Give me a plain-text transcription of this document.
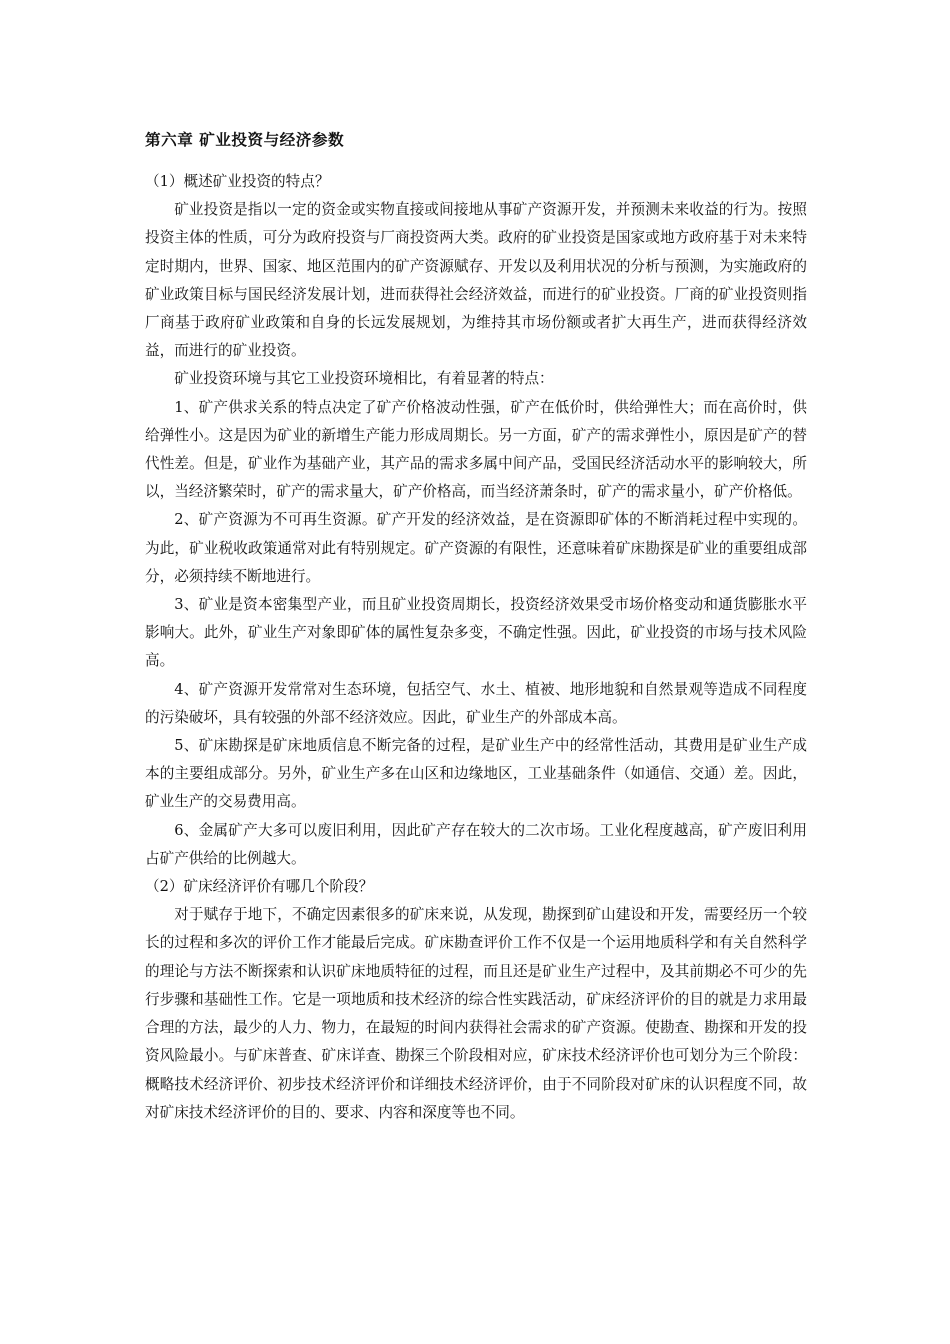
第六章 矿业投资与经济参数

（1）概述矿业投资的特点？

矿业投资是指以一定的资金或实物直接或间接地从事矿产资源开发，并预测未来收益的行为。按照投资主体的性质，可分为政府投资与厂商投资两大类。政府的矿业投资是国家或地方政府基于对未来特定时期内，世界、国家、地区范围内的矿产资源赋存、开发以及利用状况的分析与预测，为实施政府的矿业政策目标与国民经济发展计划，进而获得社会经济效益，而进行的矿业投资。厂商的矿业投资则指厂商基于政府矿业政策和自身的长远发展规划，为维持其市场份额或者扩大再生产，进而获得经济效益，而进行的矿业投资。

矿业投资环境与其它工业投资环境相比，有着显著的特点：

1、矿产供求关系的特点决定了矿产价格波动性强，矿产在低价时，供给弹性大；而在高价时，供给弹性小。这是因为矿业的新增生产能力形成周期长。另一方面，矿产的需求弹性小，原因是矿产的替代性差。但是，矿业作为基础产业，其产品的需求多属中间产品，受国民经济活动水平的影响较大，所以，当经济繁荣时，矿产的需求量大，矿产价格高，而当经济萧条时，矿产的需求量小，矿产价格低。

2、矿产资源为不可再生资源。矿产开发的经济效益，是在资源即矿体的不断消耗过程中实现的。为此，矿业税收政策通常对此有特别规定。矿产资源的有限性，还意味着矿床勘探是矿业的重要组成部分，必须持续不断地进行。

3、矿业是资本密集型产业，而且矿业投资周期长，投资经济效果受市场价格变动和通货膨胀水平影响大。此外，矿业生产对象即矿体的属性复杂多变，不确定性强。因此，矿业投资的市场与技术风险高。

4、矿产资源开发常常对生态环境，包括空气、水土、植被、地形地貌和自然景观等造成不同程度的污染破坏，具有较强的外部不经济效应。因此，矿业生产的外部成本高。

5、矿床勘探是矿床地质信息不断完备的过程，是矿业生产中的经常性活动，其费用是矿业生产成本的主要组成部分。另外，矿业生产多在山区和边缘地区，工业基础条件（如通信、交通）差。因此，矿业生产的交易费用高。

6、金属矿产大多可以废旧利用，因此矿产存在较大的二次市场。工业化程度越高，矿产废旧利用占矿产供给的比例越大。

（2）矿床经济评价有哪几个阶段？

对于赋存于地下，不确定因素很多的矿床来说，从发现，勘探到矿山建设和开发，需要经历一个较长的过程和多次的评价工作才能最后完成。矿床勘查评价工作不仅是一个运用地质科学和有关自然科学的理论与方法不断探索和认识矿床地质特征的过程，而且还是矿业生产过程中，及其前期必不可少的先行步骤和基础性工作。它是一项地质和技术经济的综合性实践活动，矿床经济评价的目的就是力求用最合理的方法，最少的人力、物力，在最短的时间内获得社会需求的矿产资源。使勘查、勘探和开发的投资风险最小。与矿床普查、矿床详查、勘探三个阶段相对应，矿床技术经济评价也可划分为三个阶段：概略技术经济评价、初步技术经济评价和详细技术经济评价，由于不同阶段对矿床的认识程度不同，故对矿床技术经济评价的目的、要求、内容和深度等也不同。
